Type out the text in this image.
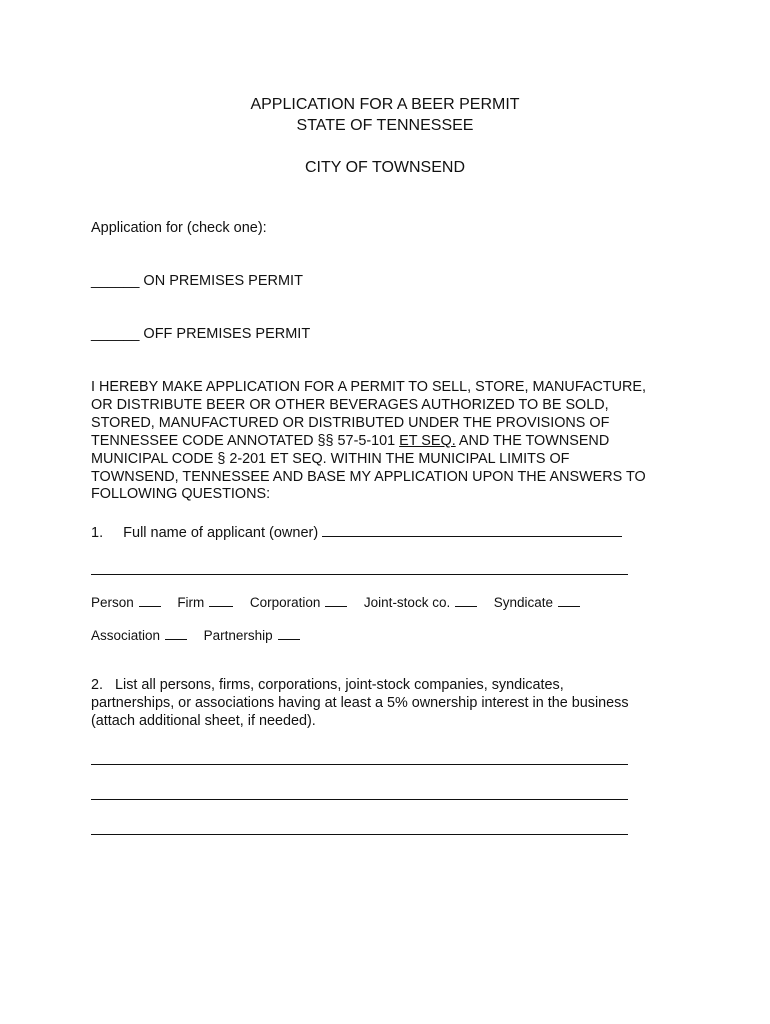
APPLICATION FOR A BEER PERMIT
STATE OF TENNESSEE
CITY OF TOWNSEND
Application for (check one):
______ ON PREMISES PERMIT
______ OFF PREMISES PERMIT
I HEREBY MAKE APPLICATION FOR A PERMIT TO SELL, STORE, MANUFACTURE,
OR DISTRIBUTE BEER OR OTHER BEVERAGES AUTHORIZED TO BE SOLD,
STORED, MANUFACTURED OR DISTRIBUTED UNDER THE PROVISIONS OF
TENNESSEE CODE ANNOTATED §§ 57-5-101 ET SEQ. AND THE TOWNSEND
MUNICIPAL CODE § 2-201 ET SEQ. WITHIN THE MUNICIPAL LIMITS OF
TOWNSEND, TENNESSEE AND BASE MY APPLICATION UPON THE ANSWERS TO
FOLLOWING QUESTIONS:
1. Full name of applicant (owner)
Person	Firm	Corporation	Joint-stock co.	Syndicate
Association	Partnership
2. List all persons, firms, corporations, joint-stock companies, syndicates,
partnerships, or associations having at least a 5% ownership interest in the business
(attach additional sheet, if needed).
